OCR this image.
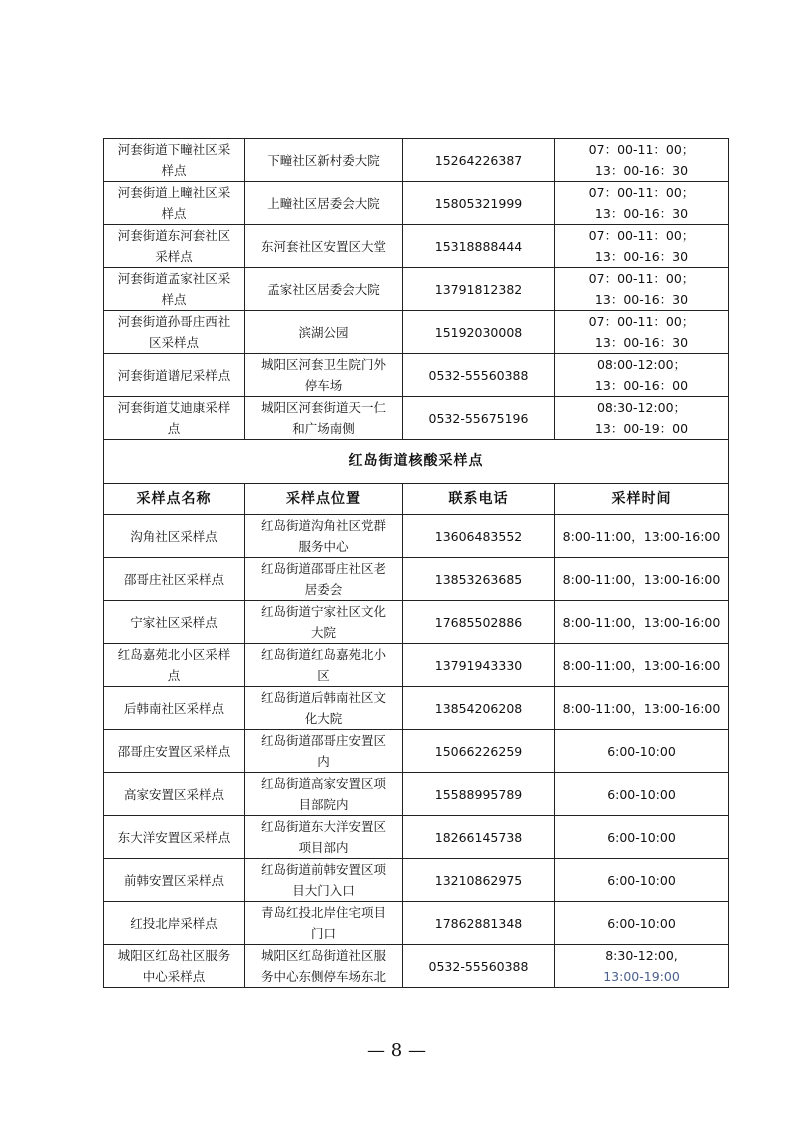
河套街道下疃社区采
样点	下疃社区新村委大院	15264226387	07：00-11：00；
13：00-16：30

河套街道上疃社区采
样点	上疃社区居委会大院	15805321999	07：00-11：00；
13：00-16：30

河套街道东河套社区
采样点	东河套社区安置区大堂	15318888444	07：00-11：00；
13：00-16：30

河套街道孟家社区采
样点	孟家社区居委会大院	13791812382	07：00-11：00；
13：00-16：30

河套街道孙哥庄西社
区采样点	滨湖公园	15192030008	07：00-11：00；
13：00-16：30

河套街道谱尼采样点	城阳区河套卫生院门外
停车场	0532-55560388	08:00-12:00；
13：00-16：00

河套街道艾迪康采样
点	城阳区河套街道天一仁
和广场南侧	0532-55675196	08:30-12:00；
13：00-19：00

红岛街道核酸采样点			
采样点名称	采样点位置	联系电话	采样时间

沟角社区采样点	红岛街道沟角社区党群
服务中心	13606483552	8:00-11:00，13:00-16:00

邵哥庄社区采样点	红岛街道邵哥庄社区老
居委会	13853263685	8:00-11:00，13:00-16:00

宁家社区采样点	红岛街道宁家社区文化
大院	17685502886	8:00-11:00，13:00-16:00

红岛嘉苑北小区采样
点	红岛街道红岛嘉苑北小
区	13791943330	8:00-11:00，13:00-16:00

后韩南社区采样点	红岛街道后韩南社区文
化大院	13854206208	8:00-11:00，13:00-16:00

邵哥庄安置区采样点	红岛街道邵哥庄安置区
内	15066226259	6:00-10:00

高家安置区采样点	红岛街道高家安置区项
目部院内	15588995789	6:00-10:00

东大洋安置区采样点	红岛街道东大洋安置区
项目部内	18266145738	6:00-10:00

前韩安置区采样点	红岛街道前韩安置区项
目大门入口	13210862975	6:00-10:00

红投北岸采样点	青岛红投北岸住宅项目
门口	17862881348	6:00-10:00

城阳区红岛社区服务
中心采样点	城阳区红岛街道社区服
务中心东侧停车场东北	0532-55560388	8:30-12:00,
13:00-19:00
— 8 —
